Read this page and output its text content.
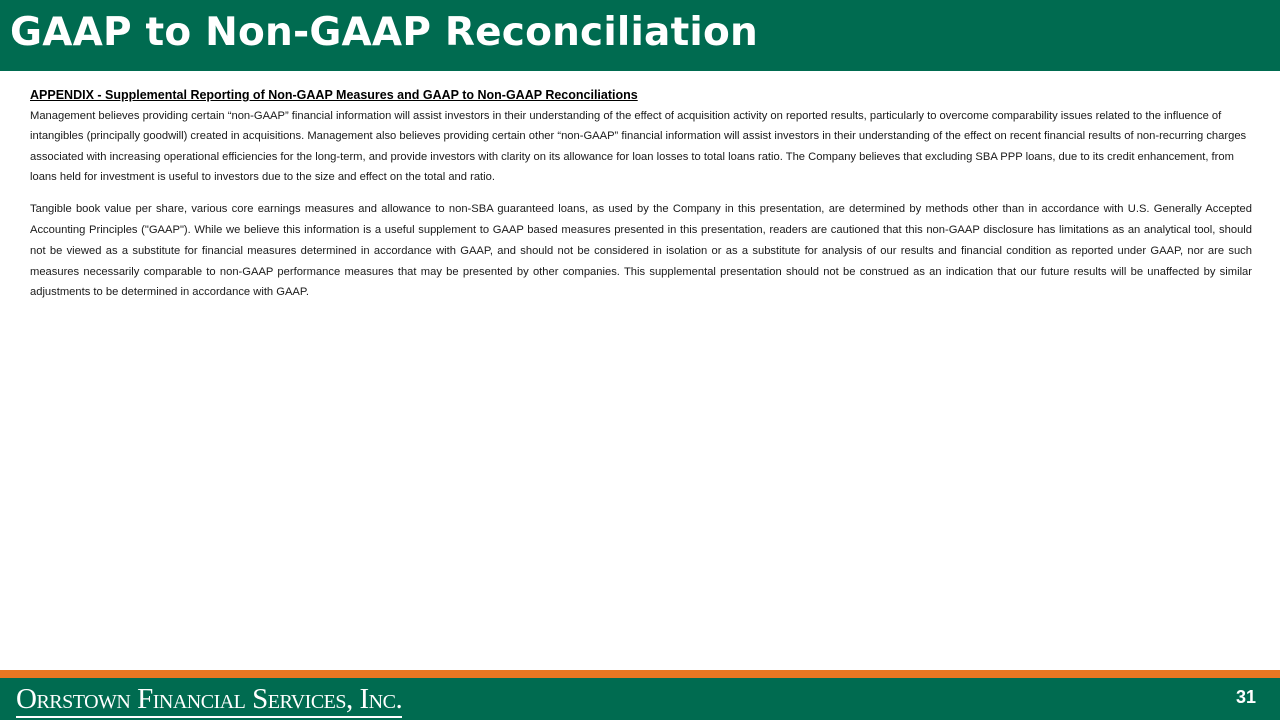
GAAP to Non-GAAP Reconciliation

APPENDIX - Supplemental Reporting of Non-GAAP Measures and GAAP to Non-GAAP Reconciliations

Management believes providing certain “non-GAAP” financial information will assist investors in their understanding of the effect of acquisition activity on reported results, particularly to overcome comparability issues related to the influence of intangibles (principally goodwill) created in acquisitions. Management also believes providing certain other “non-GAAP” financial information will assist investors in their understanding of the effect on recent financial results of non-recurring charges associated with increasing operational efficiencies for the long-term, and provide investors with clarity on its allowance for loan losses to total loans ratio. The Company believes that excluding SBA PPP loans, due to its credit enhancement, from loans held for investment is useful to investors due to the size and effect on the total and ratio.

Tangible book value per share, various core earnings measures and allowance to non-SBA guaranteed loans, as used by the Company in this presentation, are determined by methods other than in accordance with U.S. Generally Accepted Accounting Principles ("GAAP"). While we believe this information is a useful supplement to GAAP based measures presented in this presentation, readers are cautioned that this non-GAAP disclosure has limitations as an analytical tool, should not be viewed as a substitute for financial measures determined in accordance with GAAP, and should not be considered in isolation or as a substitute for analysis of our results and financial condition as reported under GAAP, nor are such measures necessarily comparable to non-GAAP performance measures that may be presented by other companies. This supplemental presentation should not be construed as an indication that our future results will be unaffected by similar adjustments to be determined in accordance with GAAP.

Orrstown Financial Services, Inc.	31
